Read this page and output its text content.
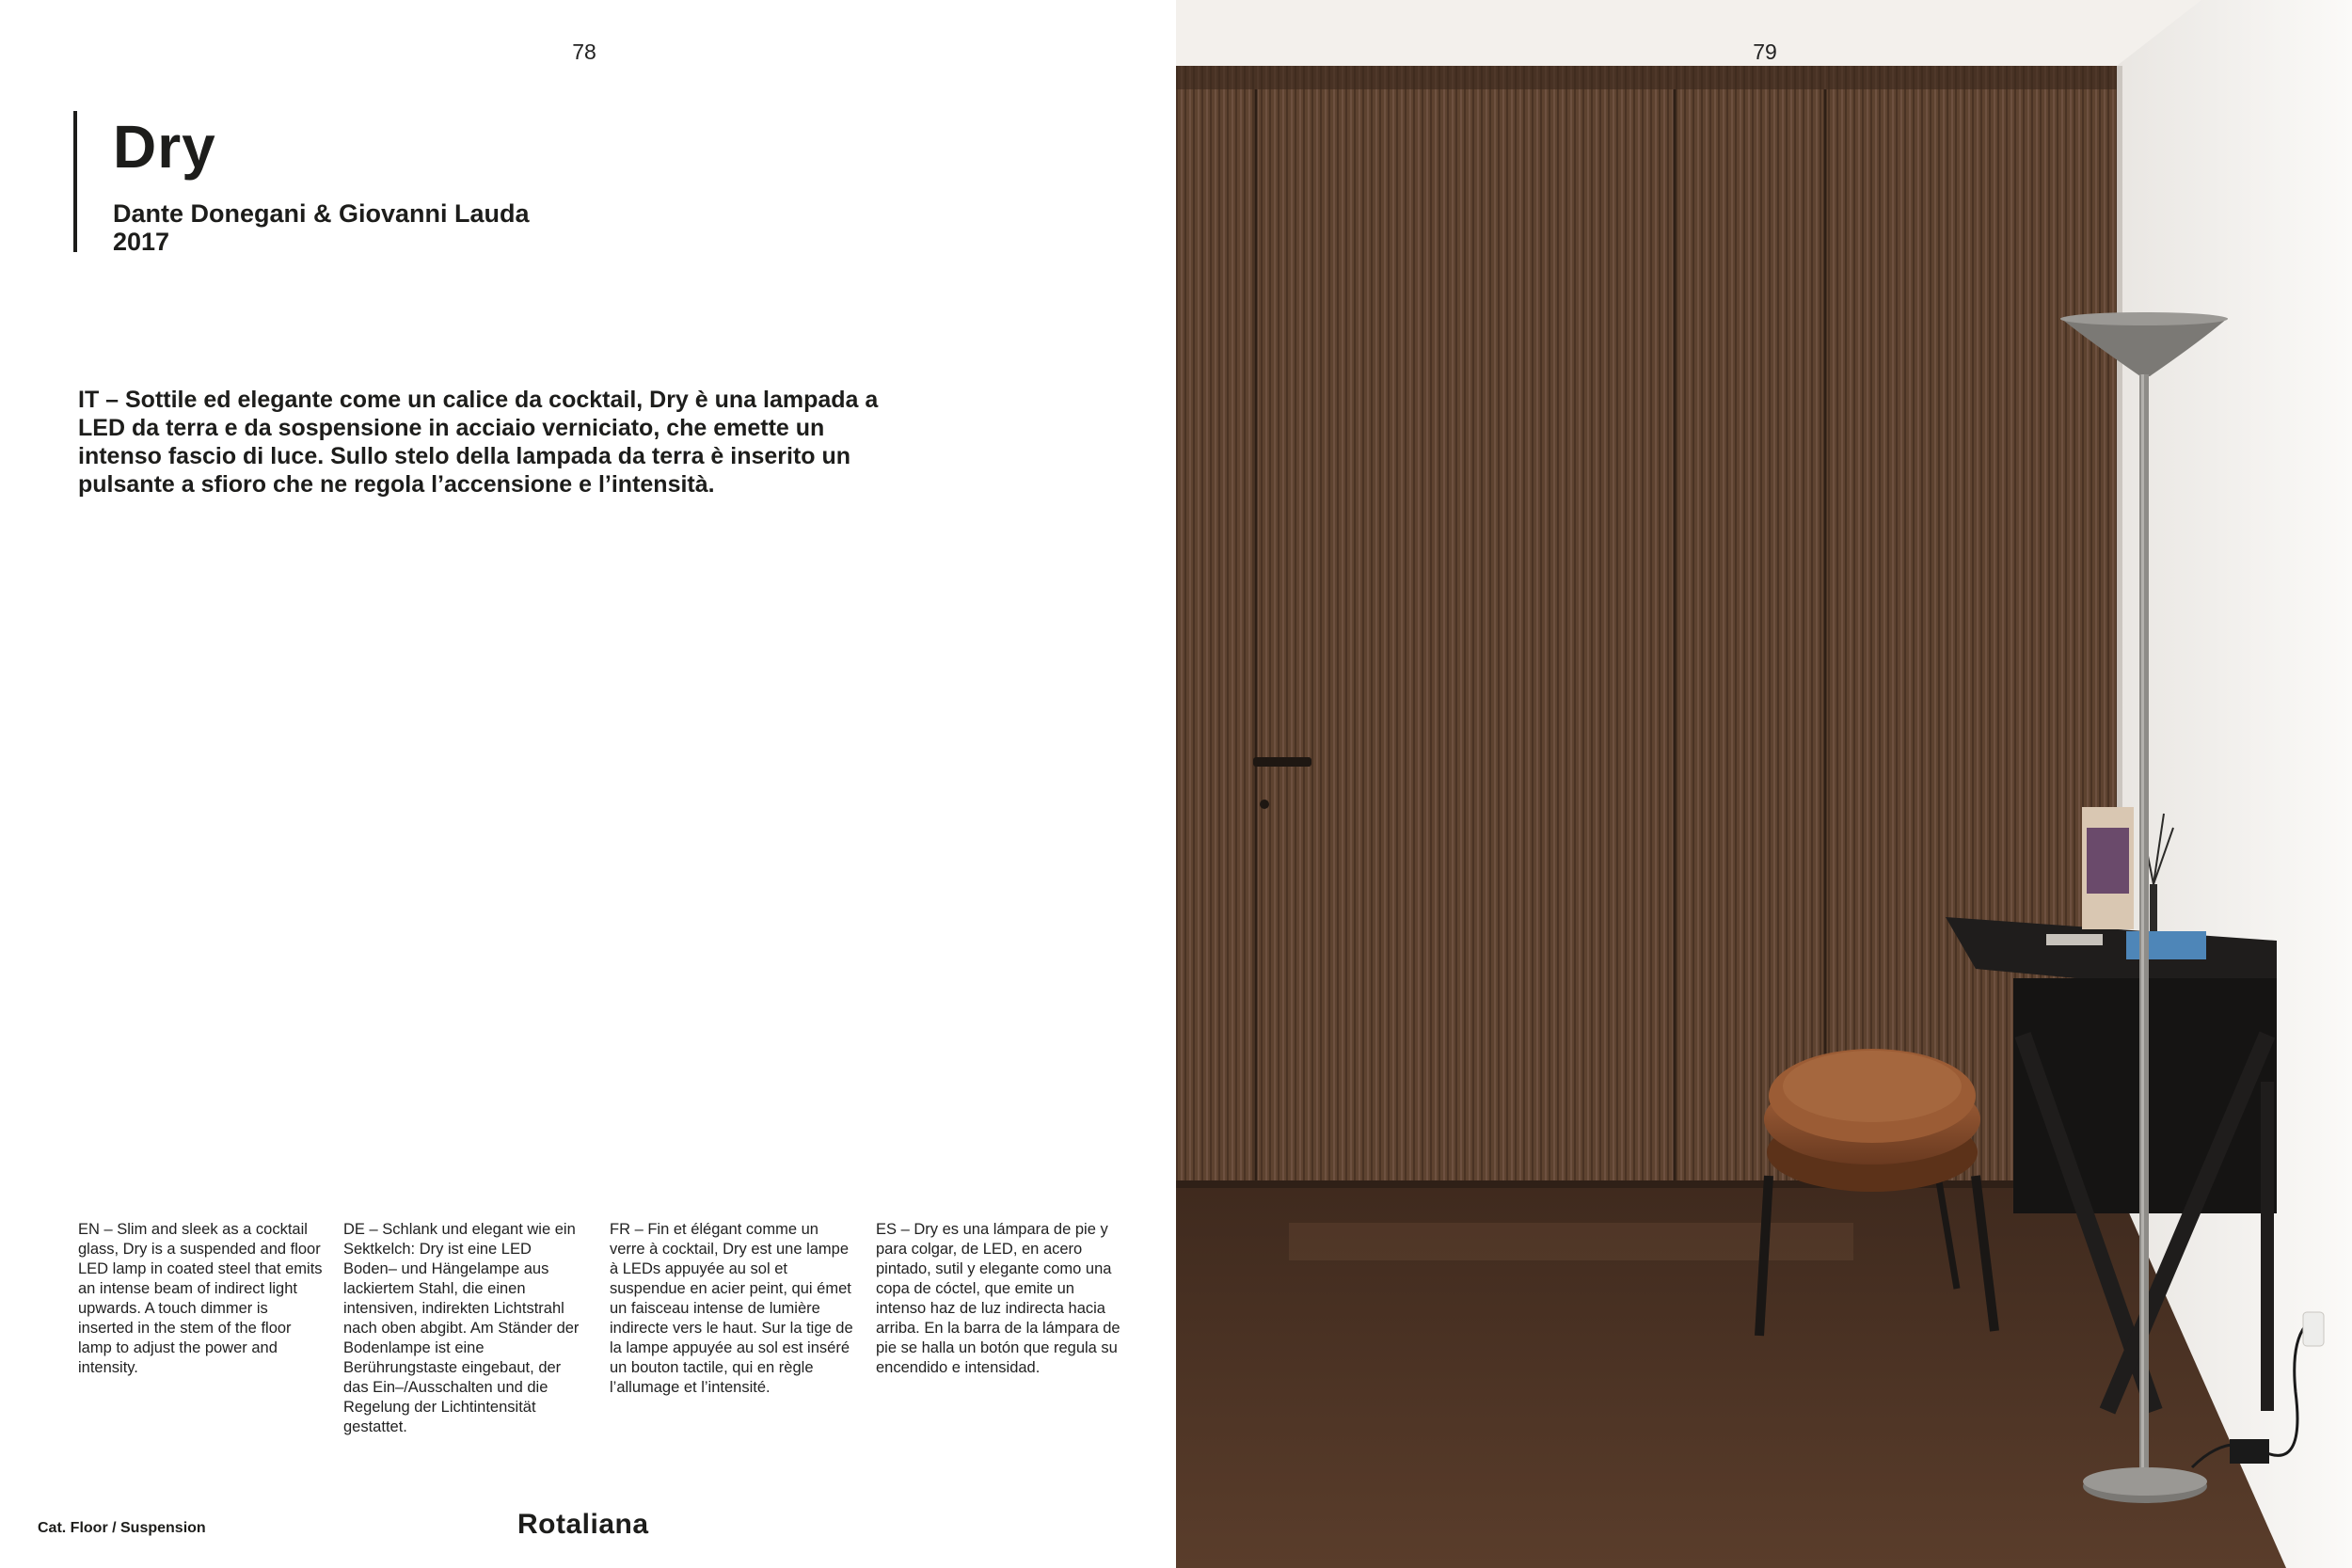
78
Dry
Dante Donegani & Giovanni Lauda
2017
IT – Sottile ed elegante come un calice da cocktail, Dry è una lampada a LED da terra e da sospensione in acciaio verniciato, che emette un intenso fascio di luce. Sullo stelo della lampada da terra è inserito un pulsante a sfioro che ne regola l’accensione e l’intensità.
EN – Slim and sleek as a cocktail glass, Dry is a suspended and floor LED lamp in coated steel that emits an intense beam of indirect light upwards. A touch dimmer is inserted in the stem of the floor lamp to adjust the power and intensity.
DE – Schlank und elegant wie ein Sektkelch: Dry ist eine LED Boden– und Hängelampe aus lackiertem Stahl, die einen intensiven, indirekten Lichtstrahl nach oben abgibt. Am Ständer der Bodenlampe ist eine Berührungstaste eingebaut, der das Ein–/Ausschalten und die Regelung der Lichtintensität gestattet.
FR – Fin et élégant comme un verre à cocktail, Dry est une lampe à LEDs appuyée au sol et suspendue en acier peint, qui émet un faisceau intense de lumière indirecte vers le haut. Sur la tige de la lampe appuyée au sol est inséré un bouton tactile, qui en règle l’allumage et l’intensité.
ES – Dry es una lámpara de pie y para colgar, de LED, en acero pintado, sutil y elegante como una copa de cóctel, que emite un intenso haz de luz indirecta hacia arriba. En la barra de la lámpara de pie se halla un botón que regula su encendido e intensidad.
Cat. Floor / Suspension	Rotaliana
79
